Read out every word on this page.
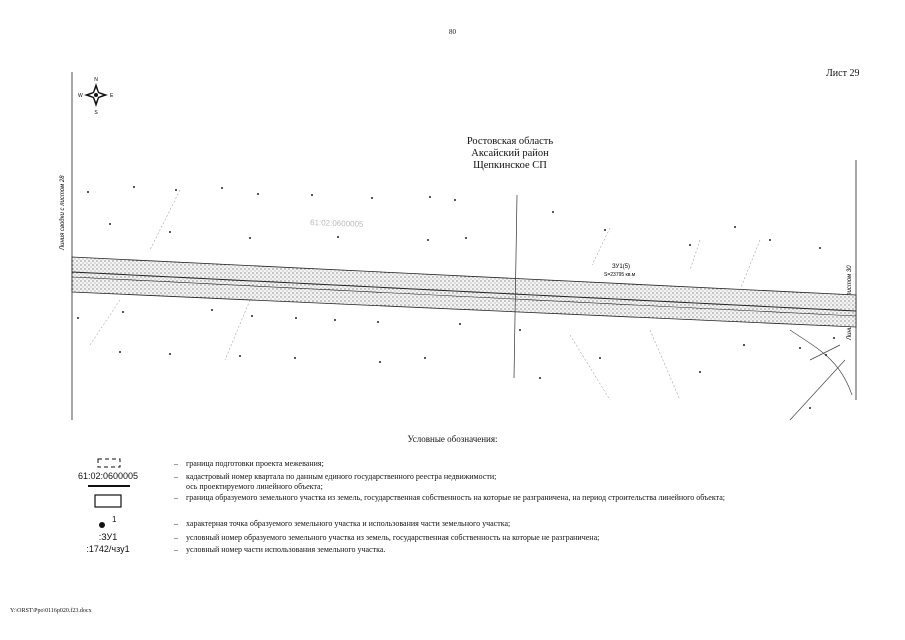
80
Лист 29
Линия сводки с листом 28
N
S
W	E
61:02:0600005
ЗУ1(5)
S=23795 кв.м
Ростовская область
Аксайский район
Щепкинское СП
Условные обозначения:
– граница подготовки проекта межевания;
61:02:0600005	– кадастровый номер квартала по данным единого государственного реестра недвижимости;
ось проектируемого линейного объекта;
– граница образуемого земельного участка из земель, государственная собственность на которые не разграничена, на период строительства линейного объекта;
1	– характерная точка образуемого земельного участка и использования части земельного участка;
:ЗУ1	– условный номер образуемого земельного участка из земель, государственная собственность на которые не разграничена;
:1742/чзу1	– условный номер части использования земельного участка.
Y:\ORST\Ppo\0116p020.f23.docx
